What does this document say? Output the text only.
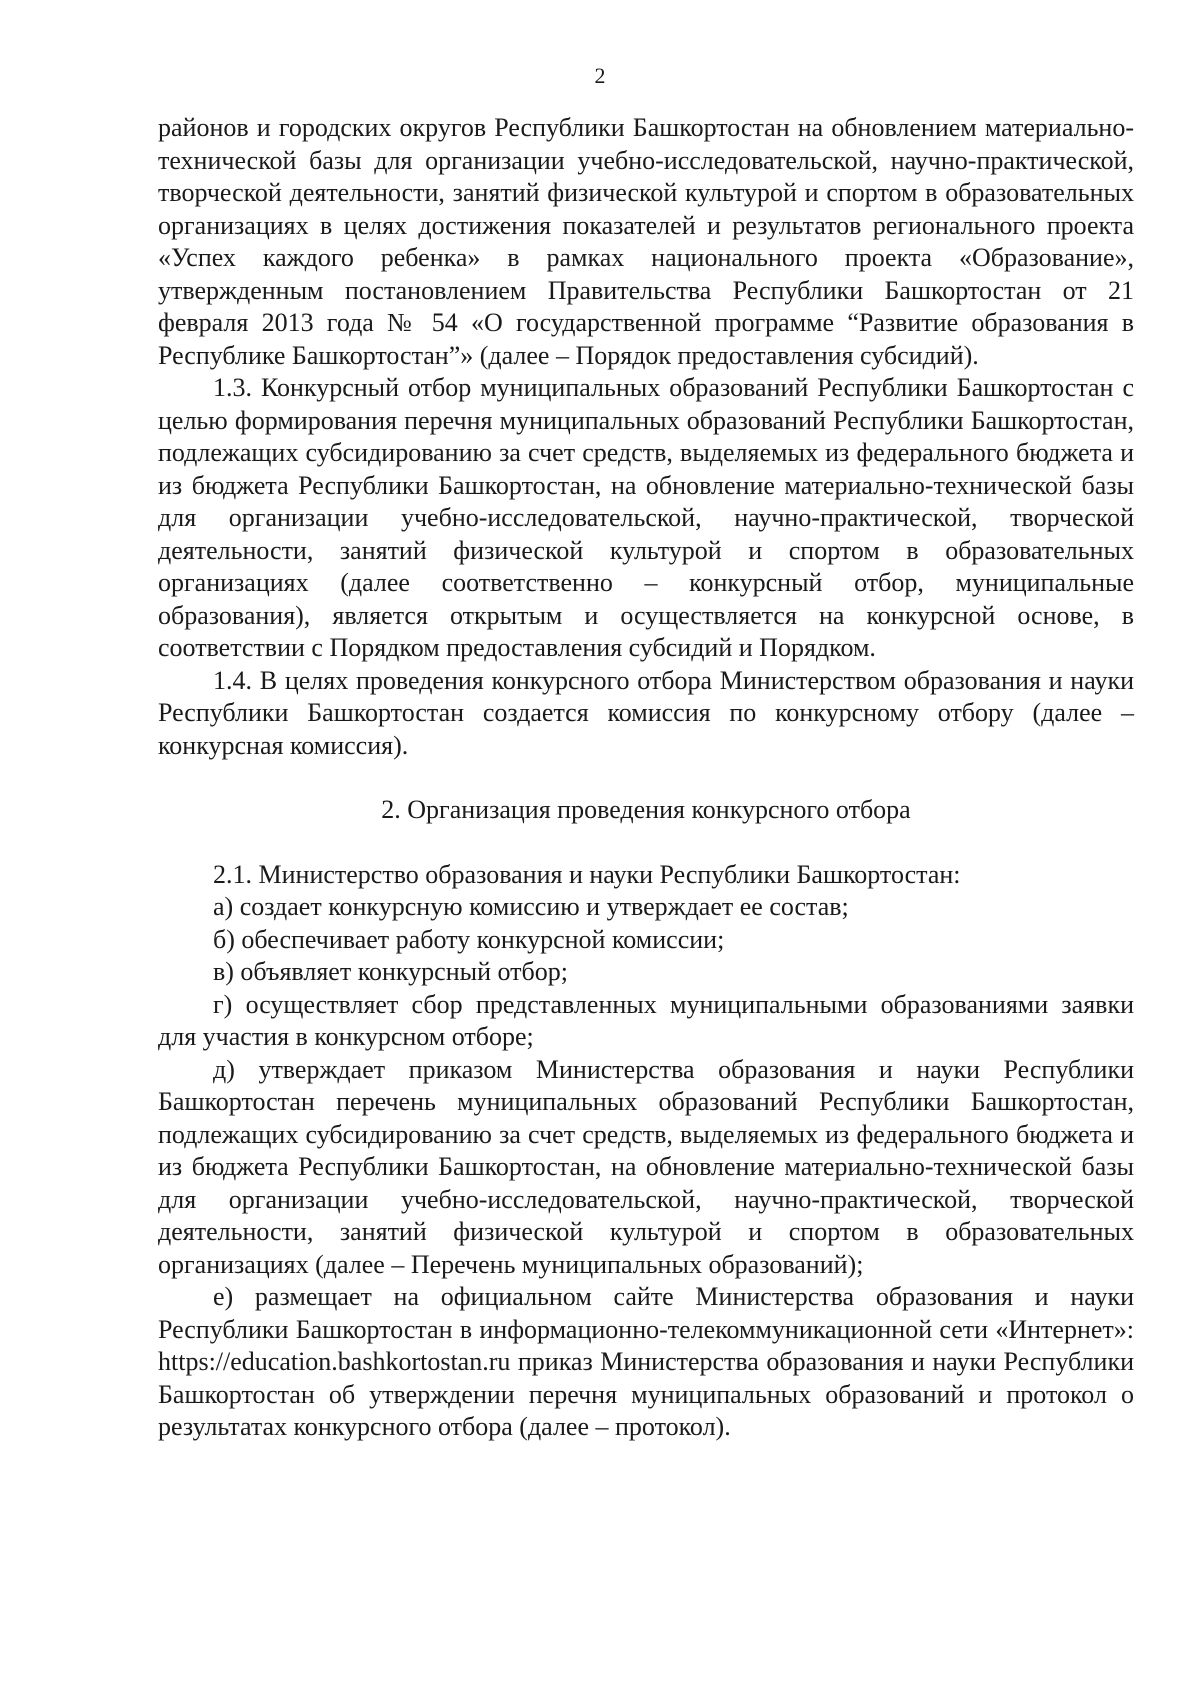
2

районов и городских округов Республики Башкортостан на обновлением материально-технической базы для организации учебно-исследовательской, научно-практической, творческой деятельности, занятий физической культурой и спортом в образовательных организациях в целях достижения показателей и результатов регионального проекта «Успех каждого ребенка» в рамках национального проекта «Образование», утвержденным постановлением Правительства Республики Башкортостан от 21 февраля 2013 года № 54 «О государственной программе “Развитие образования в Республике Башкортостан”» (далее – Порядок предоставления субсидий).

1.3. Конкурсный отбор муниципальных образований Республики Башкортостан с целью формирования перечня муниципальных образований Республики Башкортостан, подлежащих субсидированию за счет средств, выделяемых из федерального бюджета и из бюджета Республики Башкортостан, на обновление материально-технической базы для организации учебно-исследовательской, научно-практической, творческой деятельности, занятий физической культурой и спортом в образовательных организациях (далее соответственно – конкурсный отбор, муниципальные образования), является открытым и осуществляется на конкурсной основе, в соответствии с Порядком предоставления субсидий и Порядком.

1.4. В целях проведения конкурсного отбора Министерством образования и науки Республики Башкортостан создается комиссия по конкурсному отбору (далее – конкурсная комиссия).

2. Организация проведения конкурсного отбора

2.1. Министерство образования и науки Республики Башкортостан:

а) создает конкурсную комиссию и утверждает ее состав;

б) обеспечивает работу конкурсной комиссии;

в) объявляет конкурсный отбор;

г) осуществляет сбор представленных муниципальными образованиями заявки для участия в конкурсном отборе;

д) утверждает приказом Министерства образования и науки Республики Башкортостан перечень муниципальных образований Республики Башкортостан, подлежащих субсидированию за счет средств, выделяемых из федерального бюджета и из бюджета Республики Башкортостан, на обновление материально-технической базы для организации учебно-исследовательской, научно-практической, творческой деятельности, занятий физической культурой и спортом в образовательных организациях (далее – Перечень муниципальных образований);

е) размещает на официальном сайте Министерства образования и науки Республики Башкортостан в информационно-телекоммуникационной сети «Интернет»: https://education.bashkortostan.ru приказ Министерства образования и науки Республики Башкортостан об утверждении перечня муниципальных образований и протокол о результатах конкурсного отбора (далее – протокол).
